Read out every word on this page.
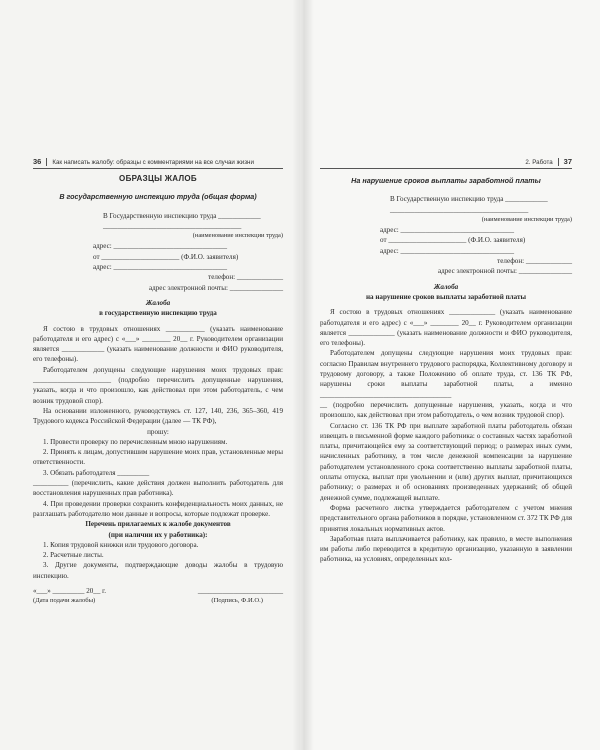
36 Как написать жалобу: образцы с комментариями на все случаи жизни
ОБРАЗЦЫ ЖАЛОБ
В государственную инспекцию труда (общая форма)
В Государственную инспекцию труда ____________
_______________________________________
(наименование инспекции труда)
адрес: ________________________________
от ______________________ (Ф.И.О. заявителя)
адрес: ________________________________
телефон: _____________
адрес электронной почты: _______________
Жалоба
в государственную инспекцию труда

Я состою в трудовых отношениях ___________ (указать наименование работодателя и его адрес) с «___» ________ 20__ г. Руководителем организации является ____________ (указать наименование должности и ФИО руководителя, его телефоны).

Работодателем допущены следующие нарушения моих трудовых прав: ______________________ (подробно перечислить допущенные нарушения, указать, когда и что произошло, как действовал при этом работодатель, с чем возник трудовой спор).

На основании изложенного, руководствуясь ст. 127, 140, 236, 365–360, 419 Трудового кодекса Российской Федерации (далее — ТК РФ),

прошу:

1. Провести проверку по перечисленным мною нарушениям.

2. Принять к лицам, допустившим нарушение моих прав, установленные меры ответственности.

3. Обязать работодателя _________

__________ (перечислить, какие действия должен выполнить работодатель для восстановления нарушенных прав работника).

4. При проведении проверки сохранить конфиденциальность моих данных, не разглашать работодателю мои данные и вопросы, которые подлежат проверке.

Перечень прилагаемых к жалобе документов
(при наличии их у работника):

1. Копия трудовой книжки или трудового договора.

2. Расчетные листы.

3. Другие документы, подтверждающие доводы жалобы в трудовую инспекцию.

«___» _________ 20__ г.	________________________
(Дата подачи жалобы)	(Подпись, Ф.И.О.)
2. Работа 37
На нарушение сроков выплаты заработной платы
В Государственную инспекцию труда ____________
_______________________________________
(наименование инспекции труда)
адрес: ________________________________
от ______________________ (Ф.И.О. заявителя)
адрес: ________________________________
телефон: _____________
адрес электронной почты: _______________
Жалоба
на нарушение сроков выплаты заработной платы

Я состою в трудовых отношениях _____________ (указать наименование работодателя и его адрес) с «___» ________ 20__ г. Руководителем организации является _____________ (указать наименование должности и ФИО руководителя, его телефоны).

Работодателем допущены следующие нарушения моих трудовых прав: согласно Правилам внутреннего трудового распорядка, Коллективному договору и трудовому договору, а также Положению об оплате труда, ст. 136 ТК РФ, нарушены сроки выплаты заработной платы, а именно _____________________________________

__ (подробно перечислить допущенные нарушения, указать, когда и что произошло, как действовал при этом работодатель, о чем возник трудовой спор).

Согласно ст. 136 ТК РФ при выплате заработной платы работодатель обязан извещать в письменной форме каждого работника: о составных частях заработной платы, причитающейся ему за соответствующий период; о размерах иных сумм, начисленных работнику, в том числе денежной компенсации за нарушение работодателем установленного срока соответственно выплаты заработной платы, оплаты отпуска, выплат при увольнении и (или) других выплат, причитающихся работнику; о размерах и об основаниях произведенных удержаний; об общей денежной сумме, подлежащей выплате.

Форма расчетного листка утверждается работодателем с учетом мнения представительного органа работников в порядке, установленном ст. 372 ТК РФ для принятия локальных нормативных актов.

Заработная плата выплачивается работнику, как правило, в месте выполнения им работы либо переводится в кредитную организацию, указанную в заявлении работника, на условиях, определенных кол-
